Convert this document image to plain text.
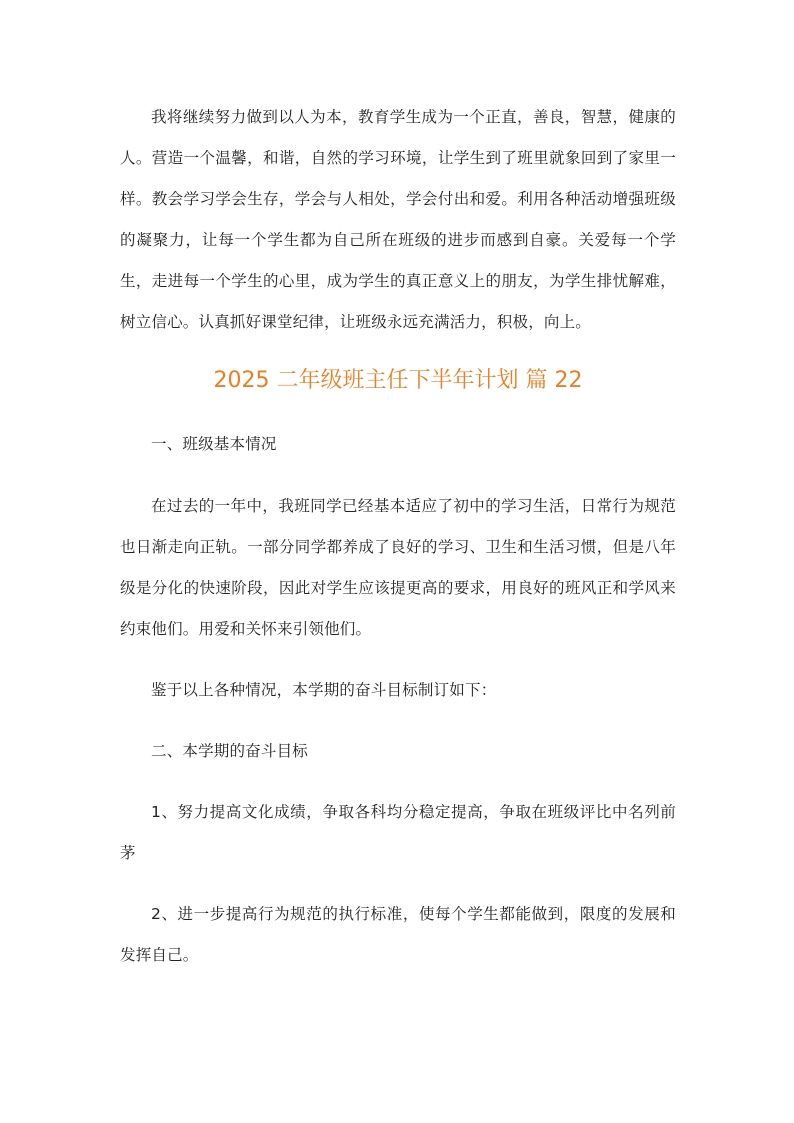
我将继续努力做到以人为本，教育学生成为一个正直，善良，智慧，健康的人。营造一个温馨，和谐，自然的学习环境，让学生到了班里就象回到了家里一样。教会学习学会生存，学会与人相处，学会付出和爱。利用各种活动增强班级的凝聚力，让每一个学生都为自己所在班级的进步而感到自豪。关爱每一个学生，走进每一个学生的心里，成为学生的真正意义上的朋友，为学生排忧解难，树立信心。认真抓好课堂纪律，让班级永远充满活力，积极，向上。

2025 二年级班主任下半年计划 篇 22

一、班级基本情况

在过去的一年中，我班同学已经基本适应了初中的学习生活，日常行为规范也日渐走向正轨。一部分同学都养成了良好的学习、卫生和生活习惯，但是八年级是分化的快速阶段，因此对学生应该提更高的要求，用良好的班风正和学风来约束他们。用爱和关怀来引领他们。

鉴于以上各种情况，本学期的奋斗目标制订如下：

二、本学期的奋斗目标

1、努力提高文化成绩，争取各科均分稳定提高，争取在班级评比中名列前茅

2、进一步提高行为规范的执行标准，使每个学生都能做到，限度的发展和发挥自己。
